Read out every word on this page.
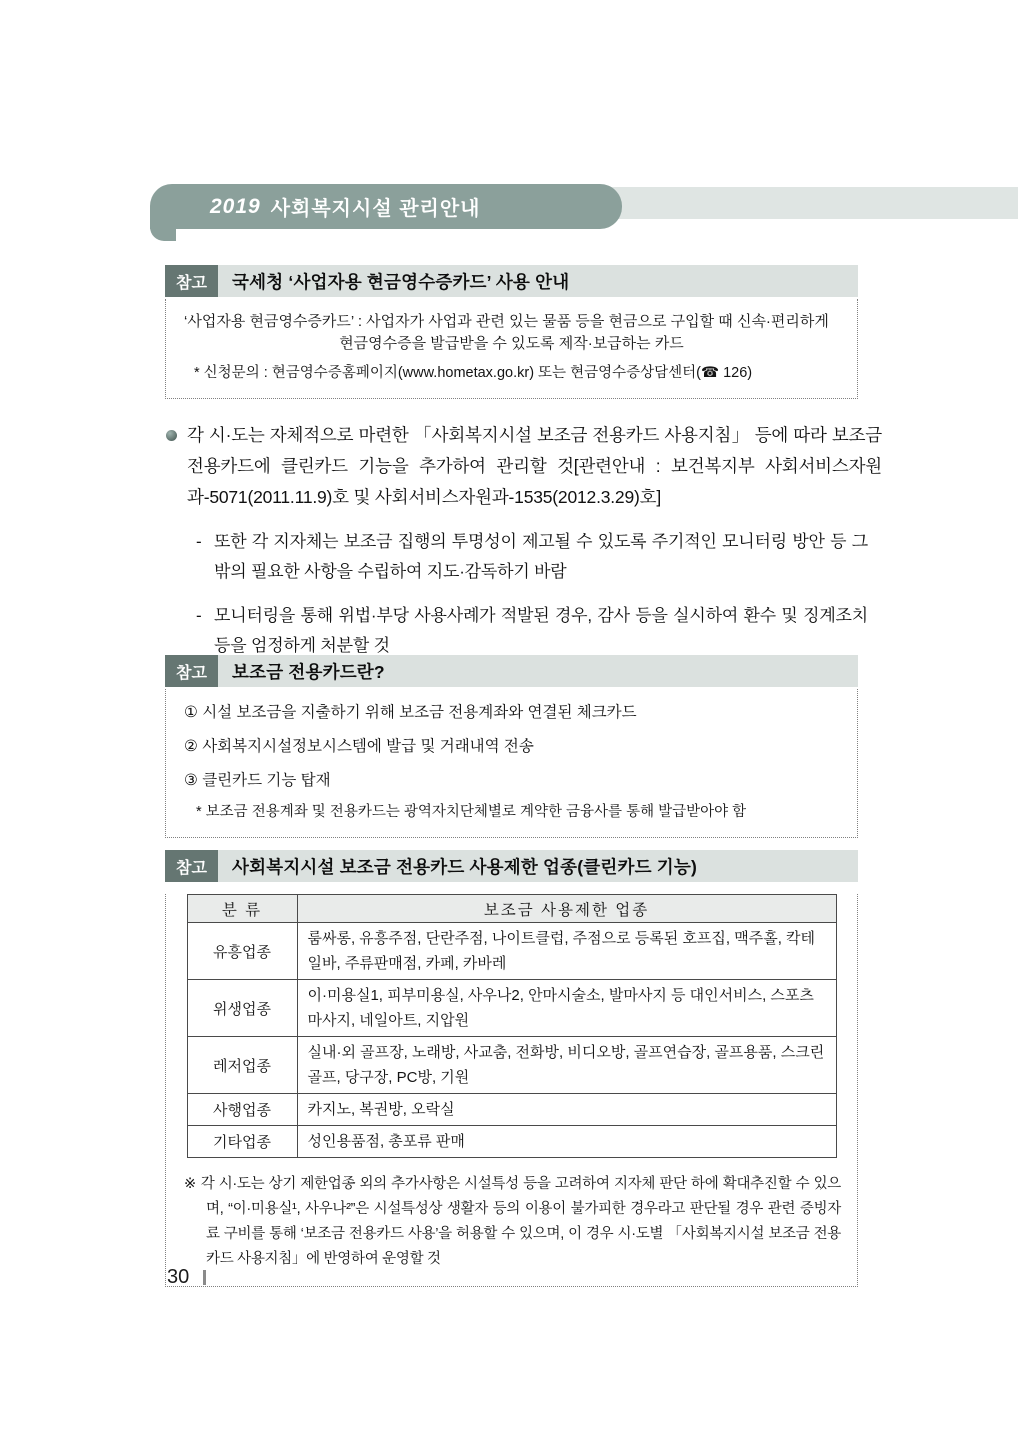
2019 사회복지시설 관리안내
참고	국세청 ‘사업자용 현금영수증카드’ 사용 안내
‘사업자용 현금영수증카드’ : 사업자가 사업과 관련 있는 물품 등을 현금으로 구입할 때 신속·편리하게
현금영수증을 발급받을 수 있도록 제작·보급하는 카드
* 신청문의 : 현금영수증홈페이지(www.hometax.go.kr) 또는 현금영수증상담센터(☎ 126)

각 시·도는 자체적으로 마련한 「사회복지시설 보조금 전용카드 사용지침」 등에 따라 보조금 전용카드에 클린카드 기능을 추가하여 관리할 것[관련안내 : 보건복지부 사회서비스자원과-5071(2011.11.9)호 및 사회서비스자원과-1535(2012.3.29)호]

- 또한 각 지자체는 보조금 집행의 투명성이 제고될 수 있도록 주기적인 모니터링 방안 등 그 밖의 필요한 사항을 수립하여 지도·감독하기 바람

- 모니터링을 통해 위법·부당 사용사례가 적발된 경우, 감사 등을 실시하여 환수 및 징계조치 등을 엄정하게 처분할 것

참고	보조금 전용카드란?
① 시설 보조금을 지출하기 위해 보조금 전용계좌와 연결된 체크카드
② 사회복지시설정보시스템에 발급 및 거래내역 전송
③ 클린카드 기능 탑재
* 보조금 전용계좌 및 전용카드는 광역자치단체별로 계약한 금융사를 통해 발급받아야 함
참고	사회복지시설 보조금 전용카드 사용제한 업종(클린카드 기능)
분 류	보조금 사용제한 업종
유흥업종	룸싸롱, 유흥주점, 단란주점, 나이트클럽, 주점으로 등록된 호프집, 맥주홀, 칵테일바, 주류판매점, 카페, 카바레
위생업종	이·미용실1, 피부미용실, 사우나2, 안마시술소, 발마사지 등 대인서비스, 스포츠마사지, 네일아트, 지압원
레저업종	실내·외 골프장, 노래방, 사교춤, 전화방, 비디오방, 골프연습장, 골프용품, 스크린골프, 당구장, PC방, 기원
사행업종	카지노, 복권방, 오락실
기타업종	성인용품점, 총포류 판매
※ 각 시·도는 상기 제한업종 외의 추가사항은 시설특성 등을 고려하여 지자체 판단 하에 확대추진할 수 있으며, “이·미용실¹, 사우나²”은 시설특성상 생활자 등의 이용이 불가피한 경우라고 판단될 경우 관련 증빙자료 구비를 통해 ‘보조금 전용카드 사용’을 허용할 수 있으며, 이 경우 시·도별 「사회복지시설 보조금 전용카드 사용지침」에 반영하여 운영할 것
30
